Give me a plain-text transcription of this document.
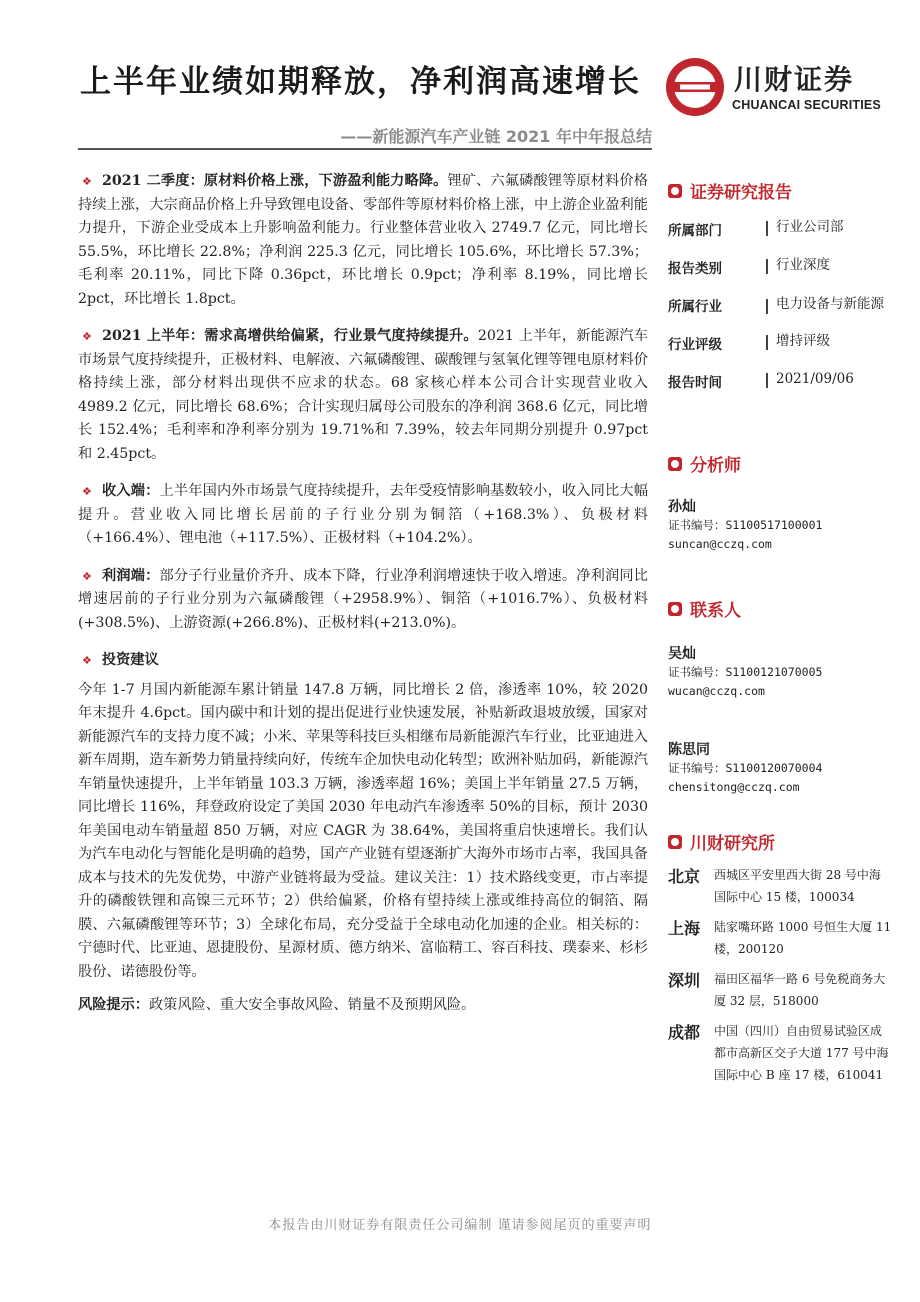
上半年业绩如期释放，净利润高速增长
——新能源汽车产业链 2021 年中年报总结
川财证券
CHUANCAI SECURITIES

❖ 2021 二季度：原材料价格上涨，下游盈利能力略降。锂矿、六氟磷酸锂等原材料价格持续上涨，大宗商品价格上升导致锂电设备、零部件等原材料价格上涨，中上游企业盈利能力提升，下游企业受成本上升影响盈利能力。行业整体营业收入 2749.7 亿元，同比增长 55.5%，环比增长 22.8%；净利润 225.3 亿元，同比增长 105.6%，环比增长 57.3%；毛利率 20.11%，同比下降 0.36pct，环比增长 0.9pct；净利率 8.19%，同比增长 2pct，环比增长 1.8pct。

❖ 2021 上半年：需求高增供给偏紧，行业景气度持续提升。2021 上半年，新能源汽车市场景气度持续提升，正极材料、电解液、六氟磷酸锂、碳酸锂与氢氧化锂等锂电原材料价格持续上涨，部分材料出现供不应求的状态。68 家核心样本公司合计实现营业收入 4989.2 亿元，同比增长 68.6%；合计实现归属母公司股东的净利润 368.6 亿元，同比增长 152.4%；毛利率和净利率分别为 19.71%和 7.39%，较去年同期分别提升 0.97pct 和 2.45pct。

❖ 收入端：上半年国内外市场景气度持续提升，去年受疫情影响基数较小，收入同比大幅提升。营业收入同比增长居前的子行业分别为铜箔（+168.3%）、负极材料（+166.4%）、锂电池（+117.5%）、正极材料（+104.2%）。

❖ 利润端：部分子行业量价齐升、成本下降，行业净利润增速快于收入增速。净利润同比增速居前的子行业分别为六氟磷酸锂（+2958.9%）、铜箔（+1016.7%）、负极材料(+308.5%)、上游资源(+266.8%)、正极材料(+213.0%)。

❖ 投资建议

今年 1-7 月国内新能源车累计销量 147.8 万辆，同比增长 2 倍，渗透率 10%，较 2020 年末提升 4.6pct。国内碳中和计划的提出促进行业快速发展，补贴新政退坡放缓，国家对新能源汽车的支持力度不减；小米、苹果等科技巨头相继布局新能源汽车行业，比亚迪进入新车周期，造车新势力销量持续向好，传统车企加快电动化转型；欧洲补贴加码，新能源汽车销量快速提升，上半年销量 103.3 万辆，渗透率超 16%；美国上半年销量 27.5 万辆，同比增长 116%，拜登政府设定了美国 2030 年电动汽车渗透率 50%的目标，预计 2030 年美国电动车销量超 850 万辆，对应 CAGR 为 38.64%，美国将重启快速增长。我们认为汽车电动化与智能化是明确的趋势，国产产业链有望逐渐扩大海外市场市占率，我国具备成本与技术的先发优势，中游产业链将最为受益。建议关注：1）技术路线变更，市占率提升的磷酸铁锂和高镍三元环节；2）供给偏紧，价格有望持续上涨或维持高位的铜箔、隔膜、六氟磷酸锂等环节；3）全球化布局，充分受益于全球电动化加速的企业。相关标的：宁德时代、比亚迪、恩捷股份、星源材质、德方纳米、富临精工、容百科技、璞泰来、杉杉股份、诺德股份等。

风险提示：政策风险、重大安全事故风险、销量不及预期风险。

证券研究报告
所属部门	行业公司部
报告类别	行业深度
所属行业	电力设备与新能源
行业评级	增持评级
报告时间	2021/09/06
分析师
孙灿
证书编号：S1100517100001
suncan@cczq.com
联系人
吴灿
证书编号：S1100121070005
wucan@cczq.com
陈思同
证书编号：S1100120070004
chensitong@cczq.com
川财研究所
北京	西城区平安里西大街 28 号中海国际中心 15 楼，100034
上海	陆家嘴环路 1000 号恒生大厦 11 楼，200120
深圳	福田区福华一路 6 号免税商务大厦 32 层，518000
成都	中国（四川）自由贸易试验区成都市高新区交子大道 177 号中海国际中心 B 座 17 楼，610041
本报告由川财证券有限责任公司编制 谨请参阅尾页的重要声明
